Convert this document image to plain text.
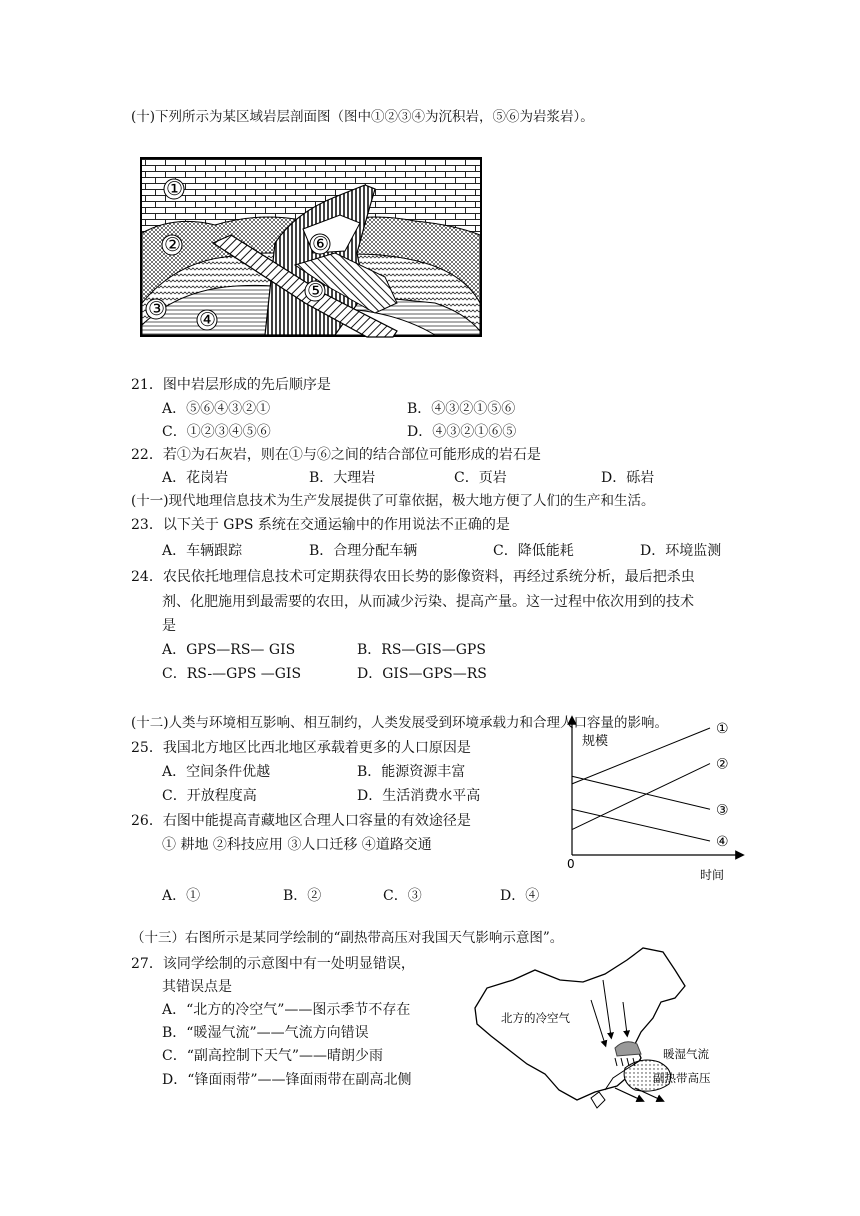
(十)下列所示为某区域岩层剖面图（图中①②③④为沉积岩，⑤⑥为岩浆岩）。
①
②
③ ④
⑤
⑥
21．图中岩层形成的先后顺序是
A．⑤⑥④③②①	B．④③②①⑤⑥
C．①②③④⑤⑥	D．④③②①⑥⑤
22．若①为石灰岩，则在①与⑥之间的结合部位可能形成的岩石是
A．花岗岩	B．大理岩	C．页岩	D．砾岩
(十一)现代地理信息技术为生产发展提供了可靠依据，极大地方便了人们的生产和生活。
23．以下关于 GPS 系统在交通运输中的作用说法不正确的是
A．车辆跟踪	B．合理分配车辆	C．降低能耗	D．环境监测
24．农民依托地理信息技术可定期获得农田长势的影像资料，再经过系统分析，最后把杀虫
剂、化肥施用到最需要的农田，从而减少污染、提高产量。这一过程中依次用到的技术
是
A．GPS—RS— GIS	B．RS—GIS—GPS
C．RS-—GPS —GIS	D．GIS—GPS—RS
(十二)人类与环境相互影响、相互制约，人类发展受到环境承载力和合理人口容量的影响。
25．我国北方地区比西北地区承载着更多的人口原因是
A．空间条件优越	B．能源资源丰富
C．开放程度高	D．生活消费水平高
26．右图中能提高青藏地区合理人口容量的有效途径是
① 耕地 ②科技应用 ③人口迁移 ④道路交通
A．①	B．②	C．③	D．④
规模
0
时间
①
②
③
④
（十三）右图所示是某同学绘制的“副热带高压对我国天气影响示意图”。
27．该同学绘制的示意图中有一处明显错误，
其错误点是
A．“北方的冷空气”——图示季节不存在
B．“暖湿气流”——气流方向错误
C．“副高控制下天气”——晴朗少雨
D．“锋面雨带”——锋面雨带在副高北侧
北方的冷空气
暖湿气流
副热带高压
